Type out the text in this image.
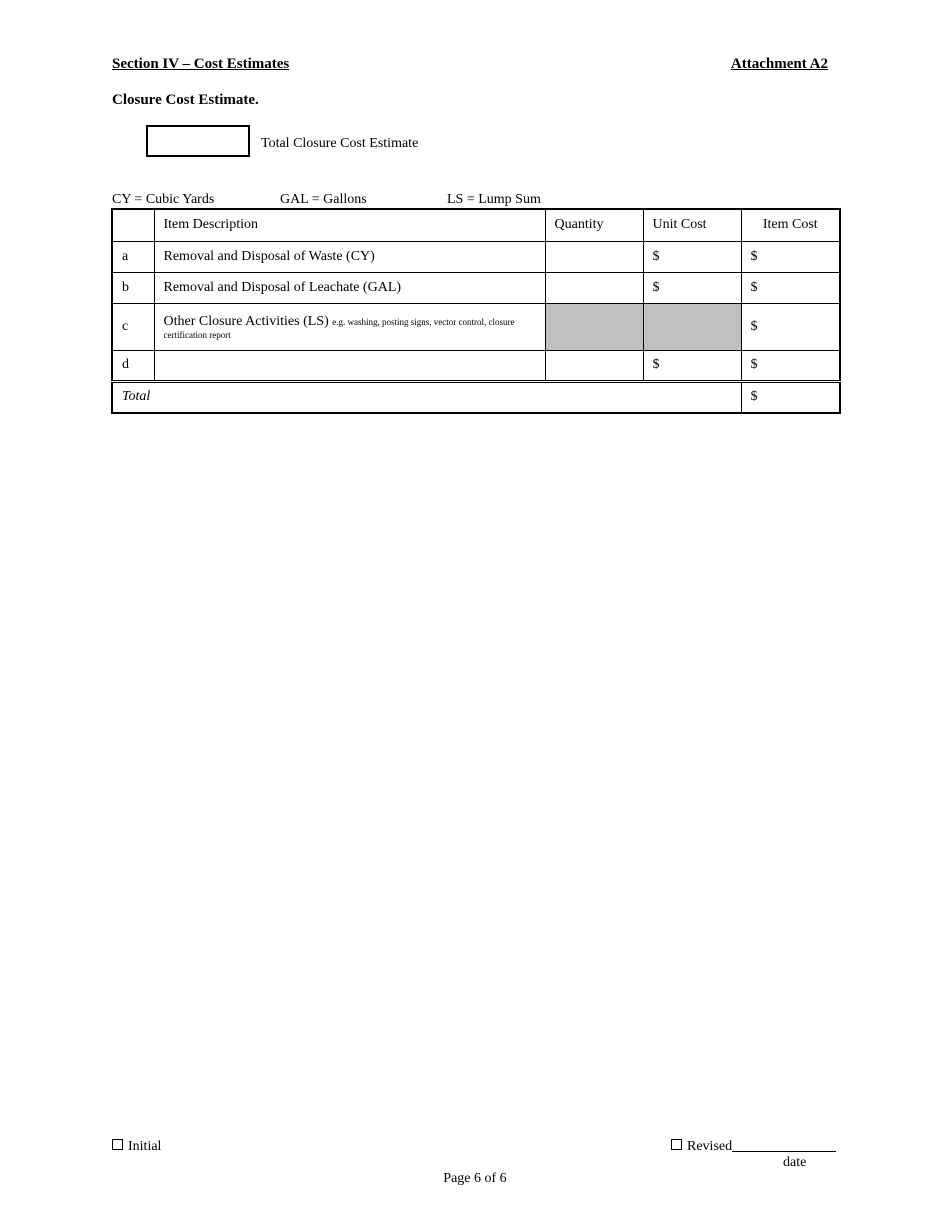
Section IV – Cost Estimates	Attachment A2
Closure Cost Estimate.
Total Closure Cost Estimate
CY = Cubic Yards	GAL = Gallons	LS = Lump Sum
	Item Description	Quantity	Unit Cost	Item Cost
a	Removal and Disposal of Waste (CY)		$	$
b	Removal and Disposal of Leachate (GAL)		$	$
c	Other Closure Activities (LS) e.g. washing, posting signs, vector control, closure certification report			$
d			$	$
Total				$
Initial	Revised
date
Page 6 of 6
